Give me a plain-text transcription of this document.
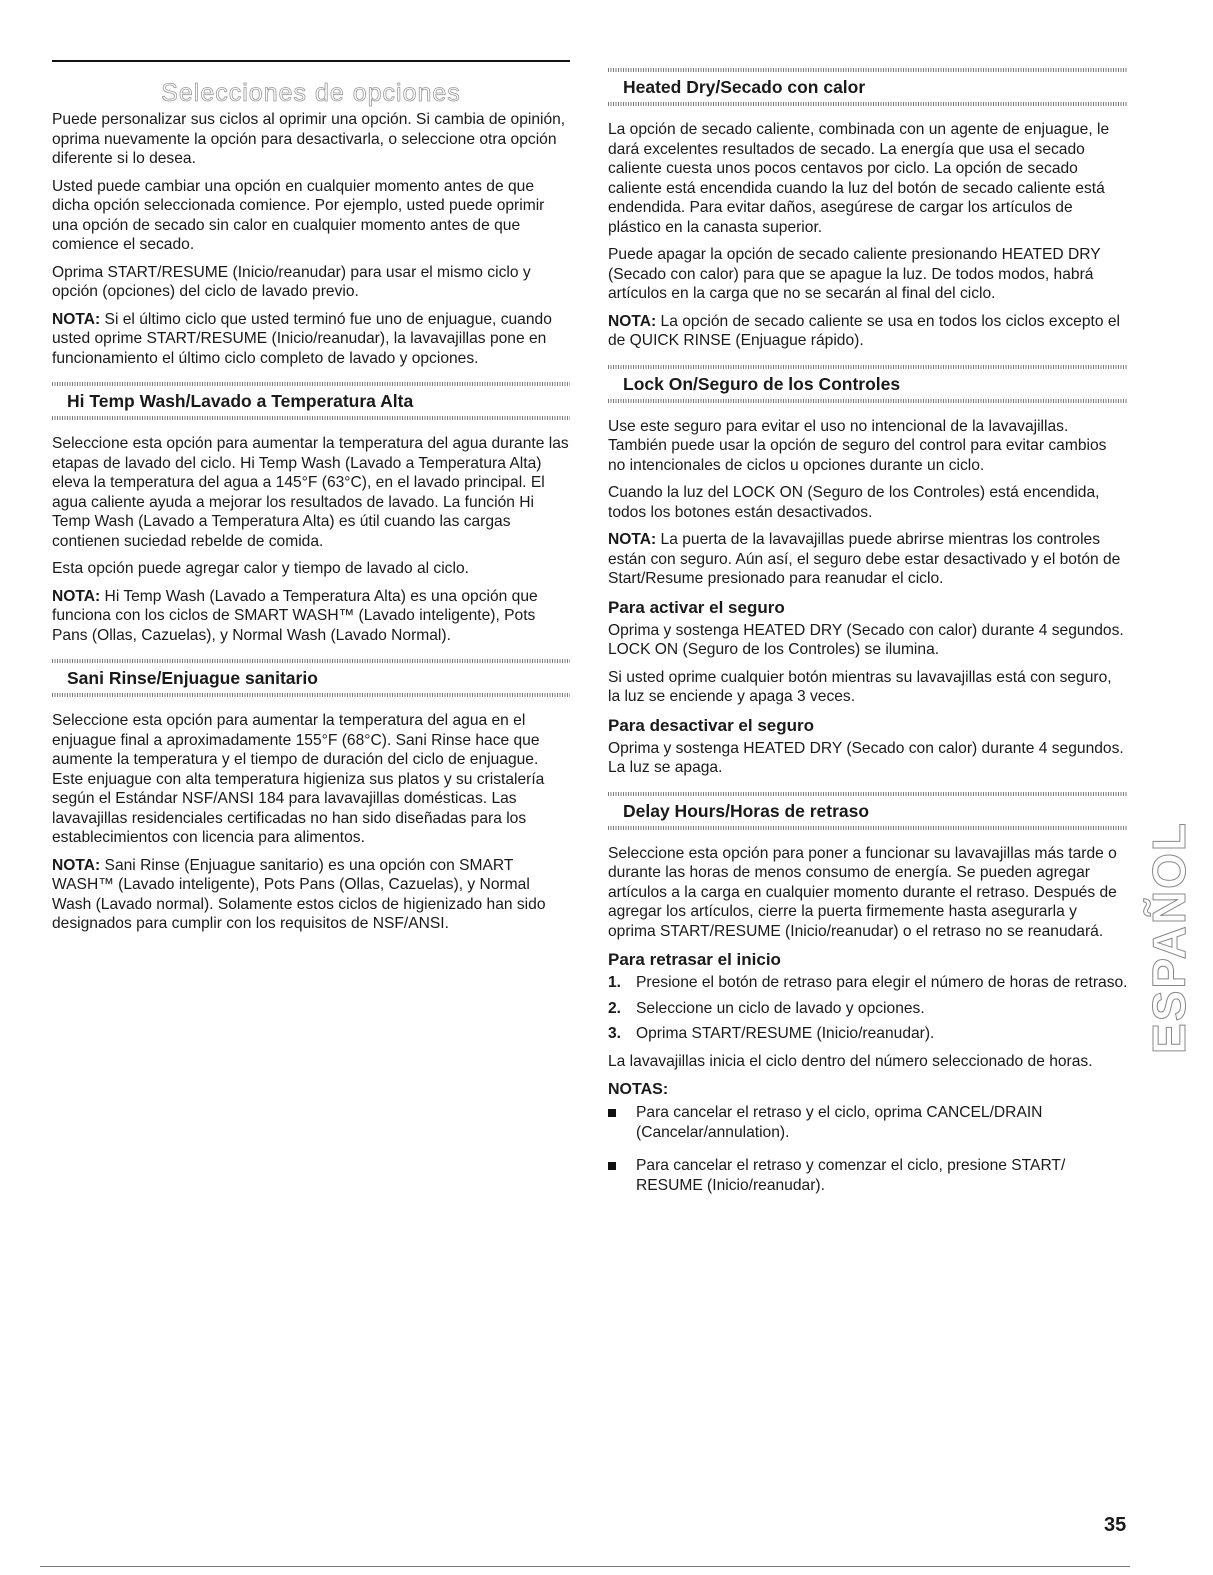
Selecciones de opciones

Puede personalizar sus ciclos al oprimir una opción. Si cambia de opinión, oprima nuevamente la opción para desactivarla, o seleccione otra opción diferente si lo desea.

Usted puede cambiar una opción en cualquier momento antes de que dicha opción seleccionada comience. Por ejemplo, usted puede oprimir una opción de secado sin calor en cualquier momento antes de que comience el secado.

Oprima START/RESUME (Inicio/reanudar) para usar el mismo ciclo y opción (opciones) del ciclo de lavado previo.

NOTA: Si el último ciclo que usted terminó fue uno de enjuague, cuando usted oprime START/RESUME (Inicio/reanudar), la lavavajillas pone en funcionamiento el último ciclo completo de lavado y opciones.

Hi Temp Wash/Lavado a Temperatura Alta

Seleccione esta opción para aumentar la temperatura del agua durante las etapas de lavado del ciclo. Hi Temp Wash (Lavado a Temperatura Alta) eleva la temperatura del agua a 145°F (63°C), en el lavado principal. El agua caliente ayuda a mejorar los resultados de lavado. La función Hi Temp Wash (Lavado a Temperatura Alta) es útil cuando las cargas contienen suciedad rebelde de comida.

Esta opción puede agregar calor y tiempo de lavado al ciclo.

NOTA: Hi Temp Wash (Lavado a Temperatura Alta) es una opción que funciona con los ciclos de SMART WASH™ (Lavado inteligente), Pots Pans (Ollas, Cazuelas), y Normal Wash (Lavado Normal).

Sani Rinse/Enjuague sanitario

Seleccione esta opción para aumentar la temperatura del agua en el enjuague final a aproximadamente 155°F (68°C). Sani Rinse hace que aumente la temperatura y el tiempo de duración del ciclo de enjuague. Este enjuague con alta temperatura higieniza sus platos y su cristalería según el Estándar NSF/ANSI 184 para lavavajillas domésticas. Las lavavajillas residenciales certificadas no han sido diseñadas para los establecimientos con licencia para alimentos.

NOTA: Sani Rinse (Enjuague sanitario) es una opción con SMART WASH™ (Lavado inteligente), Pots Pans (Ollas, Cazuelas), y Normal Wash (Lavado normal). Solamente estos ciclos de higienizado han sido designados para cumplir con los requisitos de NSF/ANSI.

Heated Dry/Secado con calor

La opción de secado caliente, combinada con un agente de enjuague, le dará excelentes resultados de secado. La energía que usa el secado caliente cuesta unos pocos centavos por ciclo. La opción de secado caliente está encendida cuando la luz del botón de secado caliente está endendida. Para evitar daños, asegúrese de cargar los artículos de plástico en la canasta superior.

Puede apagar la opción de secado caliente presionando HEATED DRY (Secado con calor) para que se apague la luz. De todos modos, habrá artículos en la carga que no se secarán al final del ciclo.

NOTA: La opción de secado caliente se usa en todos los ciclos excepto el de QUICK RINSE (Enjuague rápido).

Lock On/Seguro de los Controles

Use este seguro para evitar el uso no intencional de la lavavajillas. También puede usar la opción de seguro del control para evitar cambios no intencionales de ciclos u opciones durante un ciclo.

Cuando la luz del LOCK ON (Seguro de los Controles) está encendida, todos los botones están desactivados.

NOTA: La puerta de la lavavajillas puede abrirse mientras los controles están con seguro. Aún así, el seguro debe estar desactivado y el botón de Start/Resume presionado para reanudar el ciclo.

Para activar el seguro

Oprima y sostenga HEATED DRY (Secado con calor) durante 4 segundos. LOCK ON (Seguro de los Controles) se ilumina.

Si usted oprime cualquier botón mientras su lavavajillas está con seguro, la luz se enciende y apaga 3 veces.

Para desactivar el seguro

Oprima y sostenga HEATED DRY (Secado con calor) durante 4 segundos. La luz se apaga.

Delay Hours/Horas de retraso

Seleccione esta opción para poner a funcionar su lavavajillas más tarde o durante las horas de menos consumo de energía. Se pueden agregar artículos a la carga en cualquier momento durante el retraso. Después de agregar los artículos, cierre la puerta firmemente hasta asegurarla y oprima START/RESUME (Inicio/reanudar) o el retraso no se reanudará.

Para retrasar el inicio
1. Presione el botón de retraso para elegir el número de horas de retraso.
2. Seleccione un ciclo de lavado y opciones.
3. Oprima START/RESUME (Inicio/reanudar).

La lavavajillas inicia el ciclo dentro del número seleccionado de horas.

NOTAS:
Para cancelar el retraso y el ciclo, oprima CANCEL/DRAIN (Cancelar/annulation).
Para cancelar el retraso y comenzar el ciclo, presione START/ RESUME (Inicio/reanudar).
ESPAÑOL
35
